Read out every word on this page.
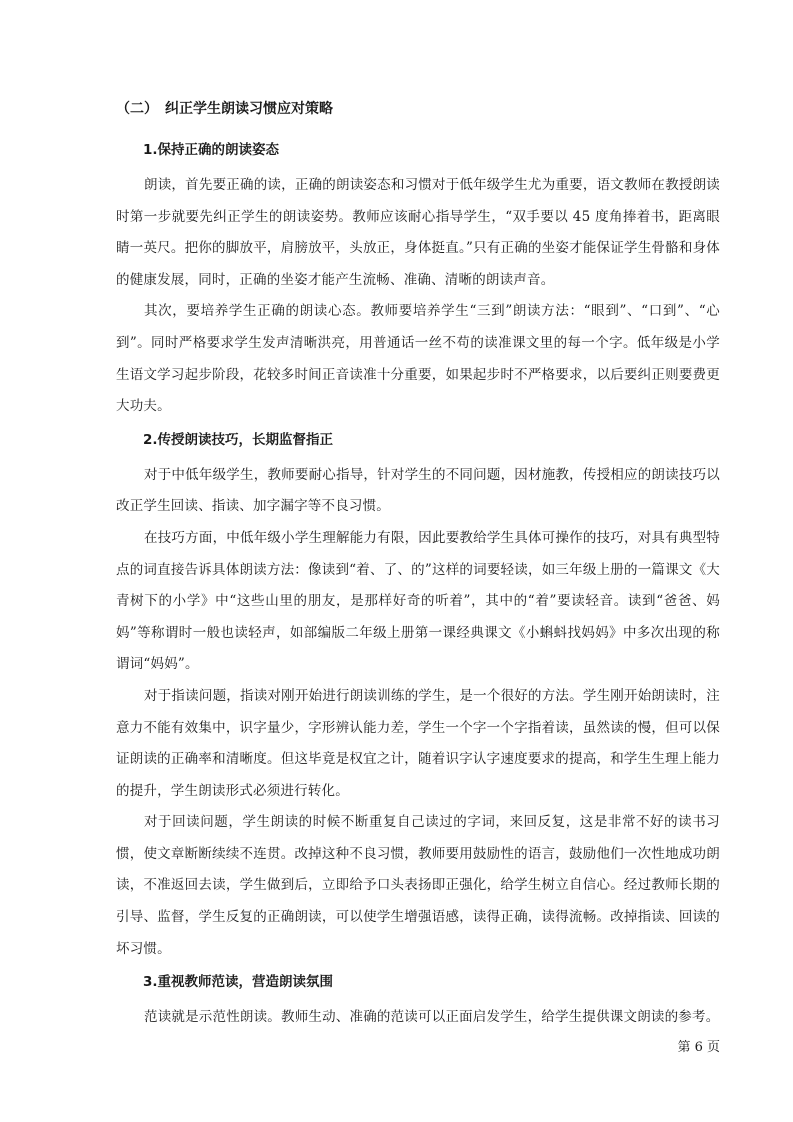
（二）　纠正学生朗读习惯应对策略
1.保持正确的朗读姿态

朗读，首先要正确的读，正确的朗读姿态和习惯对于低年级学生尤为重要，语文教师在教授朗读时第一步就要先纠正学生的朗读姿势。教师应该耐心指导学生，“双手要以 45 度角捧着书，距离眼睛一英尺。把你的脚放平，肩膀放平，头放正，身体挺直。”只有正确的坐姿才能保证学生骨骼和身体的健康发展，同时，正确的坐姿才能产生流畅、准确、清晰的朗读声音。

其次，要培养学生正确的朗读心态。教师要培养学生“三到”朗读方法：“眼到”、“口到”、“心到”。同时严格要求学生发声清晰洪亮，用普通话一丝不苟的读准课文里的每一个字。低年级是小学生语文学习起步阶段，花较多时间正音读准十分重要，如果起步时不严格要求，以后要纠正则要费更大功夫。

2.传授朗读技巧，长期监督指正

对于中低年级学生，教师要耐心指导，针对学生的不同问题，因材施教，传授相应的朗读技巧以改正学生回读、指读、加字漏字等不良习惯。

在技巧方面，中低年级小学生理解能力有限，因此要教给学生具体可操作的技巧，对具有典型特点的词直接告诉具体朗读方法：像读到“着、了、的”这样的词要轻读，如三年级上册的一篇课文《大青树下的小学》中“这些山里的朋友，是那样好奇的听着”，其中的“着”要读轻音。读到“爸爸、妈妈”等称谓时一般也读轻声，如部编版二年级上册第一课经典课文《小蝌蚪找妈妈》中多次出现的称谓词“妈妈”。

对于指读问题，指读对刚开始进行朗读训练的学生，是一个很好的方法。学生刚开始朗读时，注意力不能有效集中，识字量少，字形辨认能力差，学生一个字一个字指着读，虽然读的慢，但可以保证朗读的正确率和清晰度。但这毕竟是权宜之计，随着识字认字速度要求的提高，和学生生理上能力的提升，学生朗读形式必须进行转化。

对于回读问题，学生朗读的时候不断重复自己读过的字词，来回反复，这是非常不好的读书习惯，使文章断断续续不连贯。改掉这种不良习惯，教师要用鼓励性的语言，鼓励他们一次性地成功朗读，不准返回去读，学生做到后，立即给予口头表扬即正强化，给学生树立自信心。经过教师长期的引导、监督，学生反复的正确朗读，可以使学生增强语感，读得正确，读得流畅。改掉指读、回读的坏习惯。

3.重视教师范读，营造朗读氛围

范读就是示范性朗读。教师生动、准确的范读可以正面启发学生，给学生提供课文朗读的参考。

第 6 页
